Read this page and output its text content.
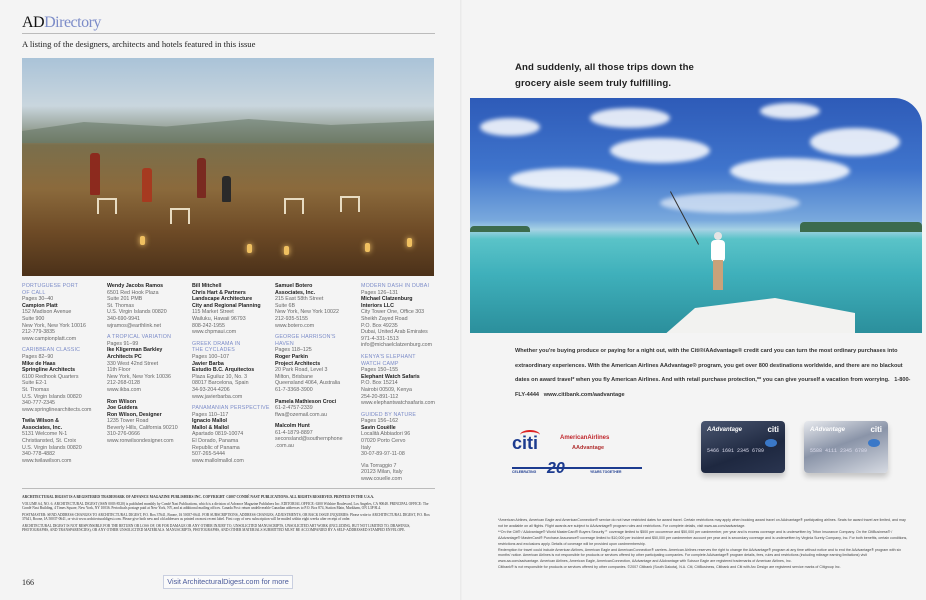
ADDirectory
A listing of the designers, architects and hotels featured in this issue
PORTUGUESE PORT
OF CALL
Pages 30–40
Campion Platt
152 Madison Avenue
Suite 900
New York, New York 10016
212-779-3835
www.campionplatt.com
CARIBBEAN CLASSIC
Pages 82–90
Mike de Haas
Springline Architects
6100 Redhook Quarters
Suite E2-1
St. Thomas
U.S. Virgin Islands 00820
340-777-2345
www.springlinearchitects.com
Twila Wilson &
Associates, Inc.
5131 Welcome N-1
Christiansted, St. Croix
U.S. Virgin Islands 00820
340-778-4882
www.twilawilson.com
Wendy Jacobs Ramos
6501 Red Hook Plaza
Suite 201 PMB
St. Thomas
U.S. Virgin Islands 00820
340-690-9941
wjramos@earthlink.net
A TROPICAL VARIATION
Pages 91–99
Ike Kligerman Barkley
Architects PC
330 West 42nd Street
11th Floor
New York, New York 10036
212-268-0128
www.ikba.com
Ron Wilson
Joe Guidera
Ron Wilson, Designer
1235 Tower Road
Beverly Hills, California 90210
310-276-0666
www.ronwilsondesigner.com
Bill Mitchell
Chris Hart & Partners
Landscape Architecture
City and Regional Planning
115 Market Street
Wailuku, Hawaii 96793
808-242-1955
www.chpmaui.com
GREEK DRAMA IN
THE CYCLADES
Pages 100–107
Javier Barba
Estudio B.C. Arquitectos
Plaza Eguiluz 10, No. 3
08017 Barcelona, Spain
34-93-204-4206
www.javierbarba.com
PANAMANIAN PERSPECTIVE
Pages 110–117
Ignacio Mallol
Mallol & Mallol
Apartado 0819-10074
El Dorado, Panama
Republic of Panama
507-265-5444
www.mallolmallol.com
Samuel Botero
Associates, Inc.
215 East 58th Street
Suite 6B
New York, New York 10022
212-935-5155
www.botero.com
GEORGE HARRISON'S
HAVEN
Pages 118–125
Roger Parkin
Project Architects
20 Park Road, Level 3
Milton, Brisbane
Queensland 4064, Australia
61-7-3368-3900
Pamela Mathieson Croci
61-2-4757-2339
flwa@ozemail.com.au
Malcolm Hunt
61-4-1879-8897
seconsland@southernphone
.com.au
MODERN DASH IN DUBAI
Pages 126–131
Michael Clatzenburg
Interiors LLC
City Tower One, Office 303
Sheikh Zayed Road
P.O. Box 49235
Dubai, United Arab Emirates
971-4-331-1513
info@michaelclatzenburg.com
KENYA'S ELEPHANT
WATCH CAMP
Pages 150–155
Elephant Watch Safaris
P.O. Box 15214
Nairobi 00509, Kenya
254-20-891-112
www.elephantwatchsafaris.com
GUIDED BY NATURE
Pages 156–162
Savin Couëlle
Località Abbiadori 96
07020 Porto Cervo
Italy
30-07-89-97-11-08
Via Torraggio 7
20123 Milan, Italy
www.couelle.com

ARCHITECTURAL DIGEST IS A REGISTERED TRADEMARK OF ADVANCE MAGAZINE PUBLISHERS INC. COPYRIGHT ©2007 CONDÉ NAST PUBLICATIONS. ALL RIGHTS RESERVED. PRINTED IN THE U.S.A.

VOLUME 64, NO. 6. ARCHITECTURAL DIGEST (ISSN 0003-8520) is published monthly by Condé Nast Publications, which is a division of Advance Magazine Publishers Inc. EDITORIAL OFFICE: 6300 Wilshire Boulevard, Los Angeles, CA 90048. PRINCIPAL OFFICE: The Condé Nast Building, 4 Times Square, New York, NY 10036. Periodicals postage paid at New York, NY, and at additional mailing offices. Canada Post: return undeliverable Canadian addresses to P.O. Box 874, Station Main, Markham, ON L3P 8L4.

POSTMASTER: SEND ADDRESS CHANGES TO ARCHITECTURAL DIGEST, P.O. Box 37641, Boone, IA 50037-0641. FOR SUBSCRIPTIONS, ADDRESS CHANGES, ADJUSTMENTS, OR BACK ISSUE INQUIRIES: Please write to ARCHITECTURAL DIGEST, P.O. Box 37641, Boone, IA 50037-0641, or visit www.architecturaldigest.com. Please give both new and old addresses as printed on most recent label. First copy of new subscription will be mailed within eight weeks after receipt of order.

ARCHITECTURAL DIGEST IS NOT RESPONSIBLE FOR THE RETURN OR LOSS OF, OR FOR DAMAGE OR ANY OTHER INJURY TO, UNSOLICITED MANUSCRIPTS, UNSOLICITED ART WORK (INCLUDING, BUT NOT LIMITED TO, DRAWINGS, PHOTOGRAPHS, AND TRANSPARENCIES), OR ANY OTHER UNSOLICITED MATERIALS. MANUSCRIPTS, PHOTOGRAPHS, AND OTHER MATERIALS SUBMITTED MUST BE ACCOMPANIED BY A SELF-ADDRESSED STAMPED ENVELOPE.

166	Visit ArchitecturalDigest.com for more
And suddenly, all those trips down the
grocery aisle seem truly fulfilling.
Whether you're buying produce or paying for a night out, with the Citi®/AAdvantage® credit card you can turn the most ordinary purchases into extraordinary experiences. With the American Airlines AAdvantage® program, you get over 800 destinations worldwide, and there are no blackout dates on award travel* when you fly American Airlines. And with retail purchase protection,** you can give yourself a vacation from worrying. 1-800-FLY-4444 www.citibank.com/aadvantage
citi	AmericanAirlines
AAdvantage
CELEBRATING 20	YEARS TOGETHER
AAdvantage	citi
5466 1601 2345 6789
AAdvantage	citi
5588 4111 2345 6789
*American Airlines, American Eagle and AmericanConnection® service do not have restricted dates for award travel. Certain restrictions may apply when booking award travel on AAdvantage® participating airlines. Seats for award travel are limited, and may not be available on all flights. Flight awards are subject to AAdvantage® program rules and restrictions. For complete details, visit www.aa.com/aadvantage.
**On the Citi® / AAdvantage® World MasterCard® Buyers Security℠ coverage limited to $500 per occurrence and $50,000 per cardmember, per year and is excess coverage and is underwritten by Triton Insurance Company. On the CitiBusiness® / AAdvantage® MasterCard® Purchase Assurance® coverage limited to $10,000 per incident and $50,000 per cardmember account per year and is secondary coverage and is underwritten by Virginia Surety Company, Inc. For both benefits, certain conditions, restrictions and exclusions apply. Details of coverage will be provided upon cardmembership.
Redemption for travel could include American Airlines, American Eagle and AmericanConnection® carriers. American Airlines reserves the right to change the AAdvantage® program at any time without notice and to end the AAdvantage® program with six months' notice. American Airlines is not responsible for products or services offered by other participating companies. For complete AAdvantage® program details, fees, rules and restrictions (including mileage earning limitations) visit www.aa.com/aadvantage. American Airlines, American Eagle, AmericanConnection, AAdvantage and AAdvantage with Scissor Eagle are registered trademarks of American Airlines, Inc.
Citibank® is not responsible for products or services offered by other companies. ©2007 Citibank (South Dakota), N.A. Citi, CitiBusiness, Citibank and Citi with Arc Design are registered service marks of Citigroup Inc.
